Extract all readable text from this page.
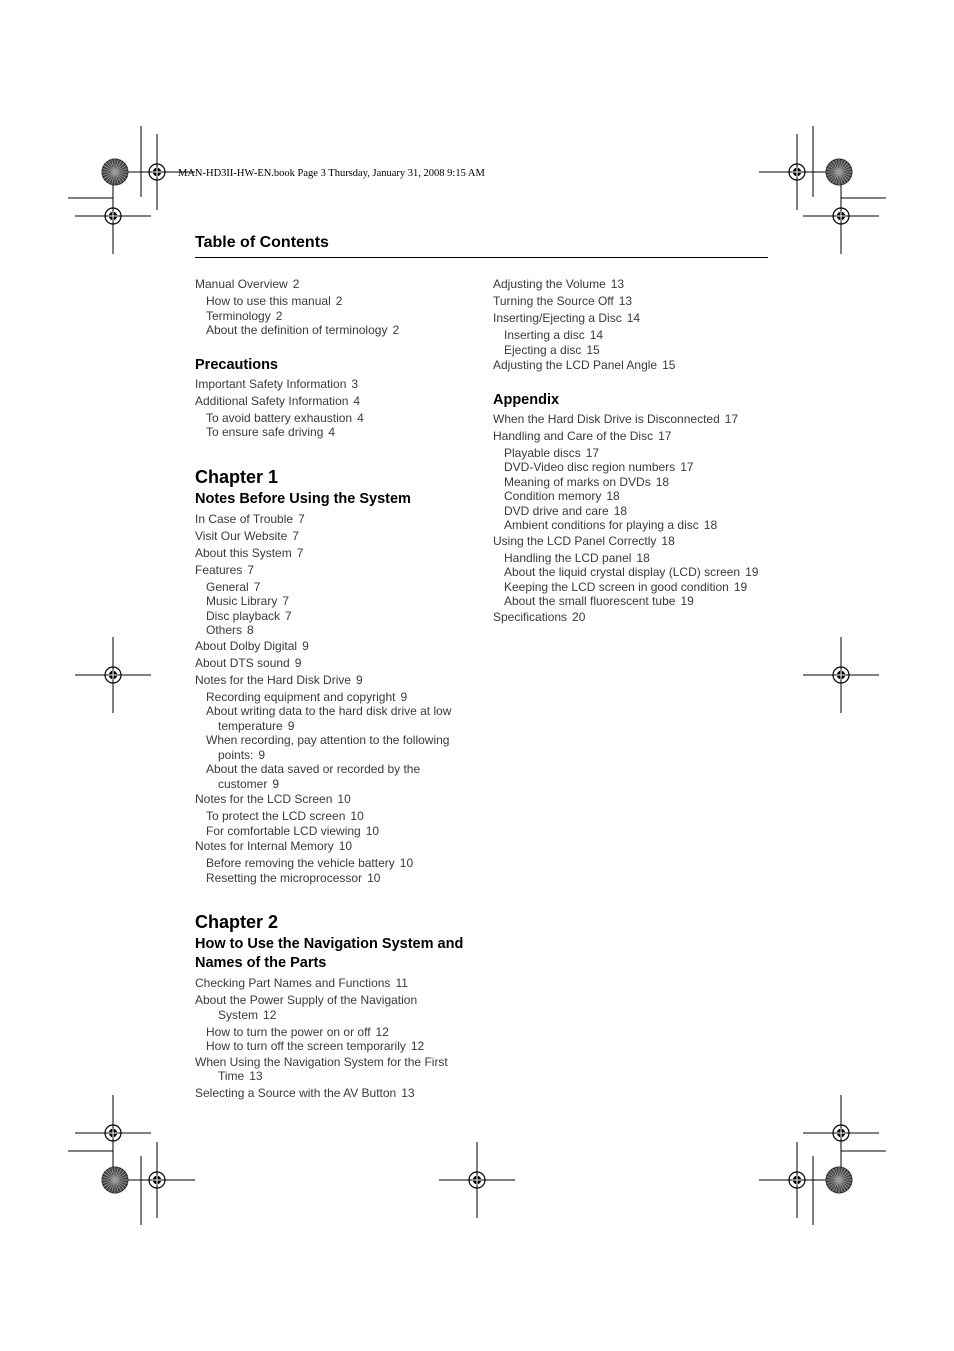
MAN-HD3II-HW-EN.book Page 3 Thursday, January 31, 2008 9:15 AM
Table of Contents
Manual Overview 2
How to use this manual 2
Terminology 2
About the definition of terminology 2
Precautions
Important Safety Information 3
Additional Safety Information 4
To avoid battery exhaustion 4
To ensure safe driving 4
Chapter 1
Notes Before Using the System
In Case of Trouble 7
Visit Our Website 7
About this System 7
Features 7
General 7
Music Library 7
Disc playback 7
Others 8
About Dolby Digital 9
About DTS sound 9
Notes for the Hard Disk Drive 9
Recording equipment and copyright 9
About writing data to the hard disk drive at low
temperature 9
When recording, pay attention to the following
points: 9
About the data saved or recorded by the
customer 9
Notes for the LCD Screen 10
To protect the LCD screen 10
For comfortable LCD viewing 10
Notes for Internal Memory 10
Before removing the vehicle battery 10
Resetting the microprocessor 10
Chapter 2
How to Use the Navigation System and Names of the Parts
Checking Part Names and Functions 11
About the Power Supply of the Navigation
System 12
How to turn the power on or off 12
How to turn off the screen temporarily 12
When Using the Navigation System for the First
Time 13
Selecting a Source with the AV Button 13
Adjusting the Volume 13
Turning the Source Off 13
Inserting/Ejecting a Disc 14
Inserting a disc 14
Ejecting a disc 15
Adjusting the LCD Panel Angle 15
Appendix
When the Hard Disk Drive is Disconnected 17
Handling and Care of the Disc 17
Playable discs 17
DVD-Video disc region numbers 17
Meaning of marks on DVDs 18
Condition memory 18
DVD drive and care 18
Ambient conditions for playing a disc 18
Using the LCD Panel Correctly 18
Handling the LCD panel 18
About the liquid crystal display (LCD) screen 19
Keeping the LCD screen in good condition 19
About the small fluorescent tube 19
Specifications 20
